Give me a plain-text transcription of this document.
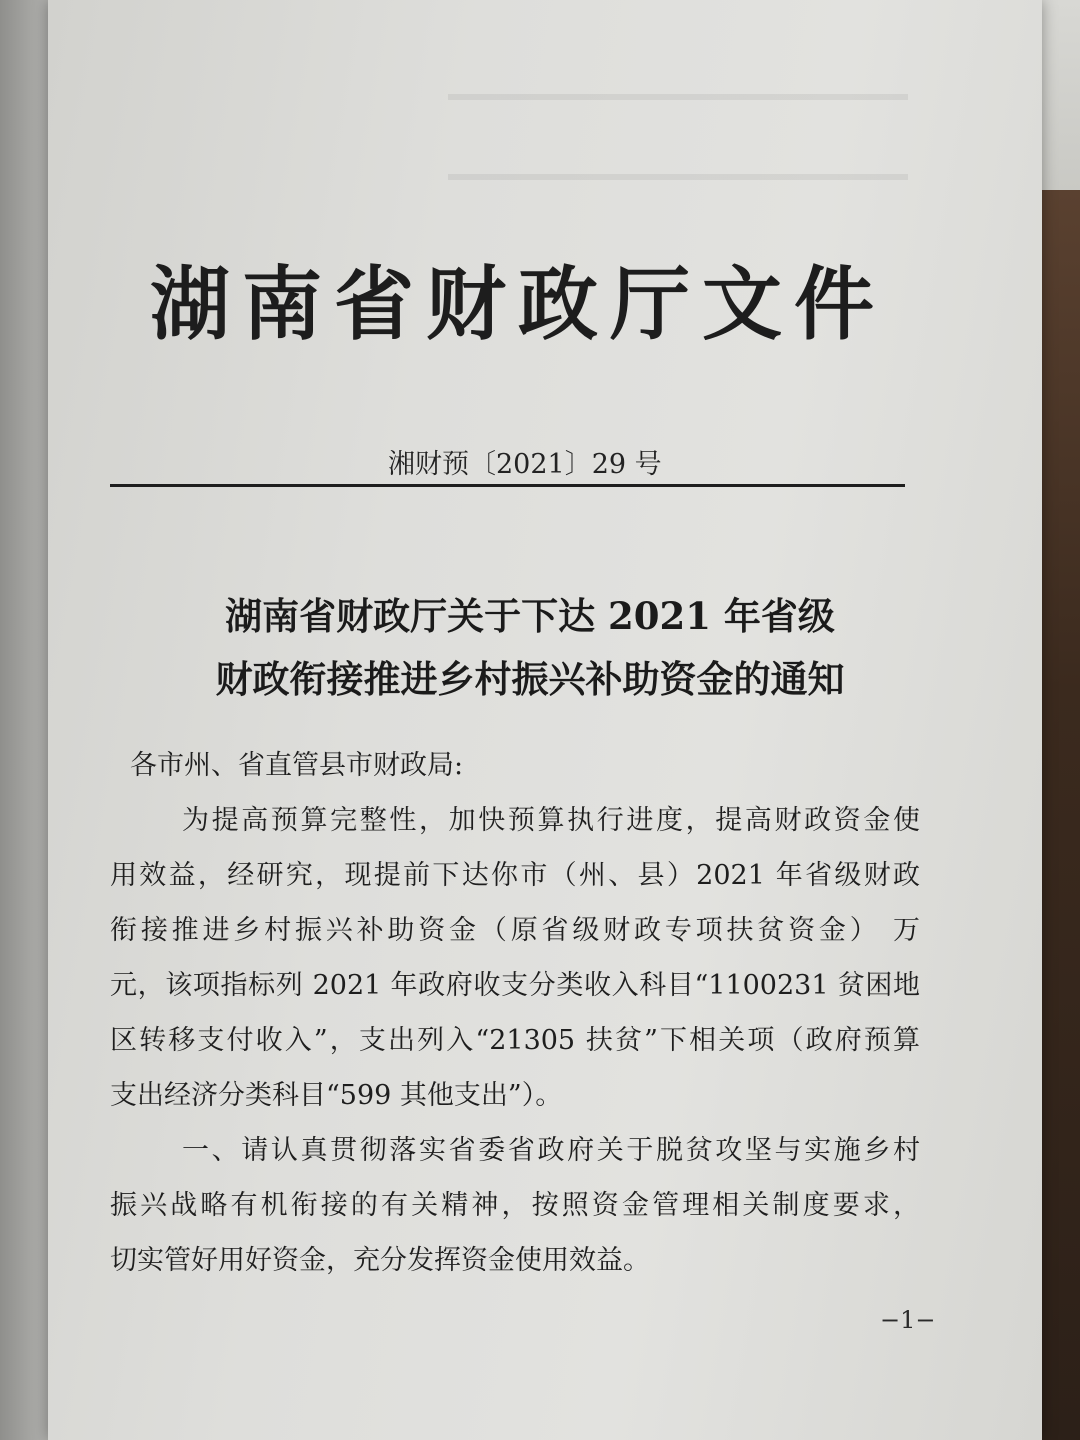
湖南省财政厅文件
湘财预〔2021〕29 号
湖南省财政厅关于下达 2021 年省级
财政衔接推进乡村振兴补助资金的通知
各市州、省直管县市财政局:
为提高预算完整性，加快预算执行进度，提高财政资金使
用效益，经研究，现提前下达你市（州、县）2021 年省级财政
衔接推进乡村振兴补助资金（原省级财政专项扶贫资金） 万
元，该项指标列 2021 年政府收支分类收入科目“1100231 贫困地
区转移支付收入”，支出列入“21305 扶贫”下相关项（政府预算
支出经济分类科目“599 其他支出”）。
一、请认真贯彻落实省委省政府关于脱贫攻坚与实施乡村
振兴战略有机衔接的有关精神，按照资金管理相关制度要求，
切实管好用好资金，充分发挥资金使用效益。
−1−
